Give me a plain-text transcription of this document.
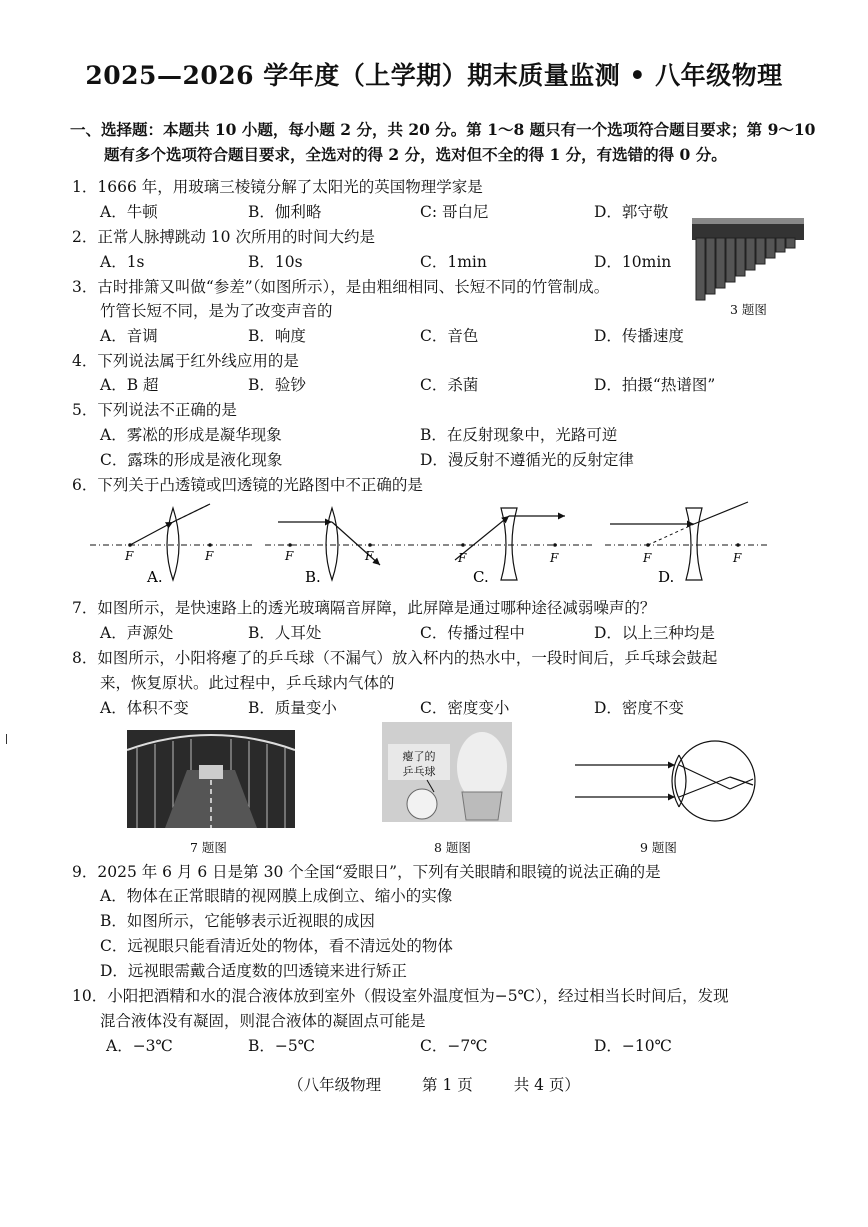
2025—2026 学年度（上学期）期末质量监测 • 八年级物理
一、选择题：本题共 10 小题，每小题 2 分，共 20 分。第 1～8 题只有一个选项符合题目要求；第 9～10
题有多个选项符合题目要求，全选对的得 2 分，选对但不全的得 1 分，有选错的得 0 分。
1．1666 年，用玻璃三棱镜分解了太阳光的英国物理学家是
A．牛顿	B．伽利略	C: 哥白尼	D．郭守敬
2．正常人脉搏跳动 10 次所用的时间大约是
A．1s	B．10s	C．1min	D．10min
3．古时排箫又叫做“参差”（如图所示），是由粗细相同、长短不同的竹管制成。
竹管长短不同，是为了改变声音的
A．音调	B．响度	C．音色	D．传播速度
3 题图
4．下列说法属于红外线应用的是
A．B 超	B．验钞	C．杀菌	D．拍摄“热谱图”
5．下列说法不正确的是
A．雾凇的形成是凝华现象	B．在反射现象中，光路可逆
C．露珠的形成是液化现象	D．漫反射不遵循光的反射定律
6．下列关于凸透镜或凹透镜的光路图中不正确的是
F	F
A.
F	F
B.
F	F
C.
F	F
D.
7．如图所示，是快速路上的透光玻璃隔音屏障，此屏障是通过哪种途径减弱噪声的？
A．声源处	B．人耳处	C．传播过程中	D．以上三种均是
8．如图所示，小阳将瘪了的乒乓球（不漏气）放入杯内的热水中，一段时间后，乒乓球会鼓起
来，恢复原状。此过程中，乒乓球内气体的
A．体积不变	B．质量变小	C．密度变小	D．密度不变
7 题图
瘪了的
乒乓球
8 题图	9 题图
9．2025 年 6 月 6 日是第 30 个全国“爱眼日”，下列有关眼睛和眼镜的说法正确的是
A．物体在正常眼睛的视网膜上成倒立、缩小的实像
B．如图所示，它能够表示近视眼的成因
C．远视眼只能看清近处的物体，看不清远处的物体
D．远视眼需戴合适度数的凹透镜来进行矫正
10．小阳把酒精和水的混合液体放到室外（假设室外温度恒为−5℃），经过相当长时间后，发现
混合液体没有凝固，则混合液体的凝固点可能是
A．−3℃	B．−5℃	C．−7℃	D．−10℃
（八年级物理	第 1 页	共 4 页）
